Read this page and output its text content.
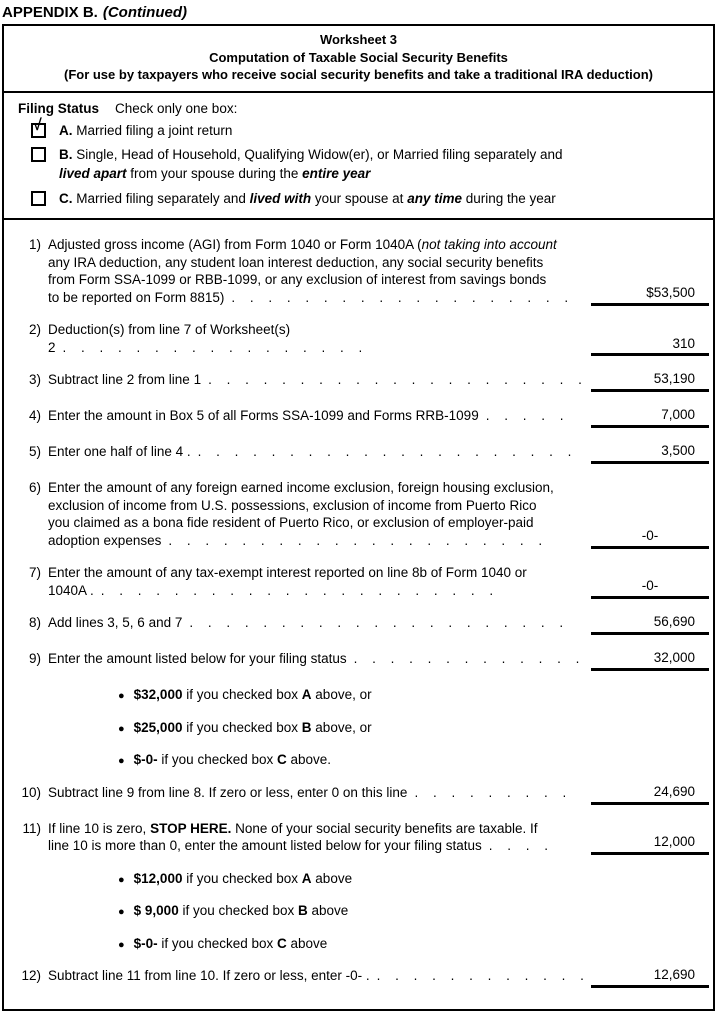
APPENDIX B. (Continued)
Worksheet 3
Computation of Taxable Social Security Benefits
(For use by taxpayers who receive social security benefits and take a traditional IRA deduction)
Filing Status Check only one box:
√ A. Married filing a joint return
B. Single, Head of Household, Qualifying Widow(er), or Married filing separately and
lived apart from your spouse during the entire year
C. Married filing separately and lived with your spouse at any time during the year
1) Adjusted gross income (AGI) from Form 1040 or Form 1040A (not taking into account
any IRA deduction, any student loan interest deduction, any social security benefits
from Form SSA-1099 or RBB-1099, or any exclusion of interest from savings bonds
to be reported on Form 8815) . . . . . . . . . . . . . . . . . . .	$53,500
2) Deduction(s) from line 7 of Worksheet(s) 2 . . . . . . . . . . . . . . . . .	310
3) Subtract line 2 from line 1 . . . . . . . . . . . . . . . . . . . . .	53,190
4) Enter the amount in Box 5 of all Forms SSA-1099 and Forms RRB-1099 . . . . .	7,000
5) Enter one half of line 4 . . . . . . . . . . . . . . . . . . . . . .	3,500
6) Enter the amount of any foreign earned income exclusion, foreign housing exclusion,
exclusion of income from U.S. possessions, exclusion of income from Puerto Rico
you claimed as a bona fide resident of Puerto Rico, or exclusion of employer-paid
adoption expenses . . . . . . . . . . . . . . . . . . . . .	-0-
7) Enter the amount of any tax-exempt interest reported on line 8b of Form 1040 or
1040A . . . . . . . . . . . . . . . . . . . . . . .	-0-
8) Add lines 3, 5, 6 and 7 . . . . . . . . . . . . . . . . . . . . .	56,690
9) Enter the amount listed below for your filing status . . . . . . . . . . . . .	32,000
● $32,000 if you checked box A above, or
● $25,000 if you checked box B above, or
● $-0- if you checked box C above.
10) Subtract line 9 from line 8. If zero or less, enter 0 on this line . . . . . . . . .	24,690
11) If line 10 is zero, STOP HERE. None of your social security benefits are taxable. If
line 10 is more than 0, enter the amount listed below for your filing status . . . .	12,000
● $12,000 if you checked box A above
● $ 9,000 if you checked box B above
● $-0- if you checked box C above
12) Subtract line 11 from line 10. If zero or less, enter -0- . . . . . . . . . . . . .	12,690
